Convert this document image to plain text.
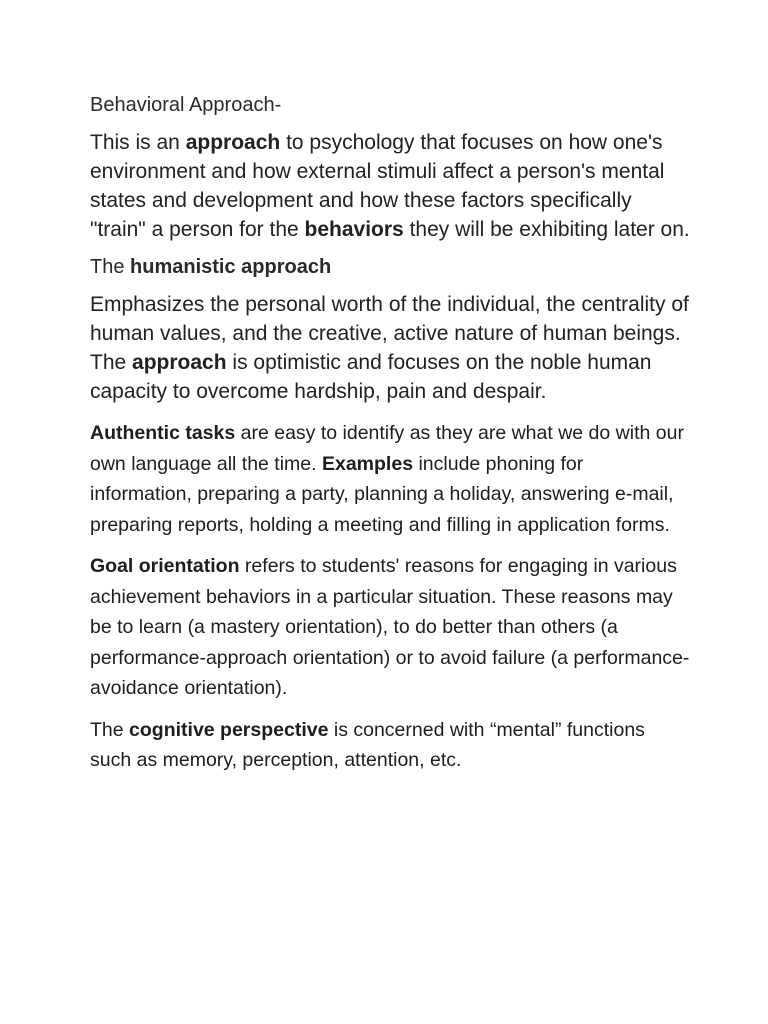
Behavioral Approach-

This is an approach to psychology that focuses on how one's environment and how external stimuli affect a person's mental states and development and how these factors specifically "train" a person for the behaviors they will be exhibiting later on.

The humanistic approach

Emphasizes the personal worth of the individual, the centrality of human values, and the creative, active nature of human beings. The approach is optimistic and focuses on the noble human capacity to overcome hardship, pain and despair.

Authentic tasks are easy to identify as they are what we do with our own language all the time. Examples include phoning for information, preparing a party, planning a holiday, answering e-mail, preparing reports, holding a meeting and filling in application forms.

Goal orientation refers to students' reasons for engaging in various achievement behaviors in a particular situation. These reasons may be to learn (a mastery orientation), to do better than others (a performance-approach orientation) or to avoid failure (a performance-avoidance orientation).

The cognitive perspective is concerned with “mental” functions such as memory, perception, attention, etc.
